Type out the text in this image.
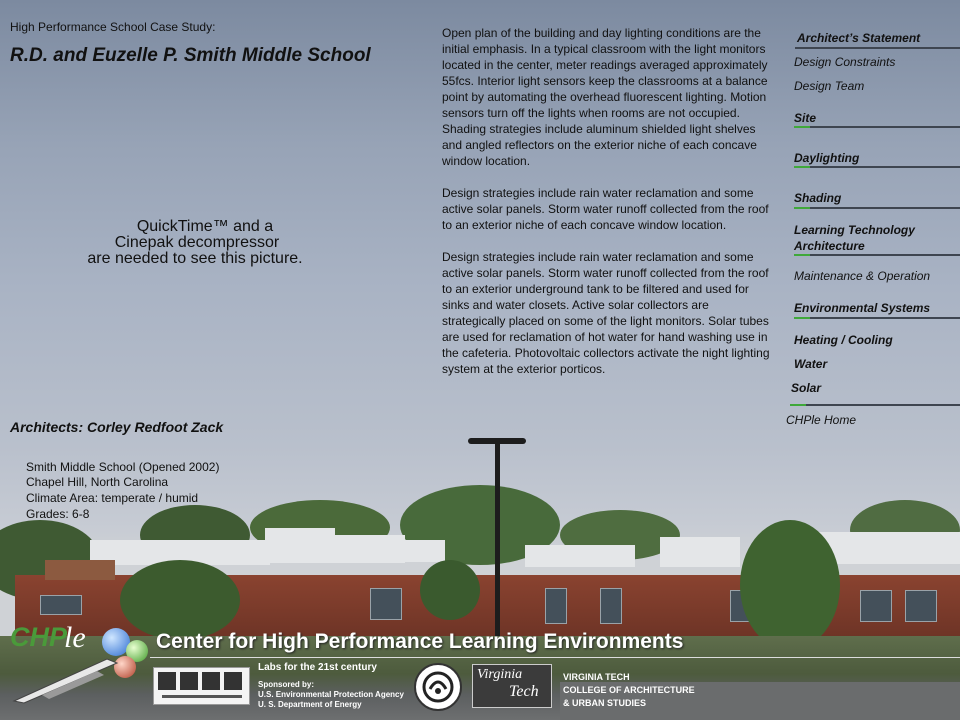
High Performance School Case Study:
R.D. and Euzelle P. Smith Middle School
QuickTime™ and a
Cinepak decompressor
are needed to see this picture.
Architects: Corley Redfoot Zack
Smith Middle School (Opened 2002)
Chapel Hill, North Carolina
Climate Area: temperate / humid
Grades: 6-8

Open plan of the building and day lighting conditions are the initial emphasis. In a typical classroom with the light monitors located in the center, meter readings averaged approximately 55fcs. Interior light sensors keep the classrooms at a balance point by automating the overhead fluorescent lighting. Motion sensors turn off the lights when rooms are not occupied. Shading strategies include aluminum shielded light shelves and angled reflectors on the exterior niche of each concave window location.

Design strategies include rain water reclamation and some active solar panels. Storm water runoff collected from the roof to an exterior niche of each concave window location.

Design strategies include rain water reclamation and some active solar panels. Storm water runoff collected from the roof to an exterior underground tank to be filtered and used for sinks and water closets. Active solar collectors are strategically placed on some of the light monitors. Solar tubes are used for reclamation of hot water for hand washing use in the cafeteria. Photovoltaic collectors activate the night lighting system at the exterior porticos.

Architect’s Statement
Design Constraints
Design Team
Site
Daylighting
Shading
Learning Technology
Architecture
Maintenance & Operation
Environmental Systems
Heating / Cooling
Water
Solar
CHPle Home
CHP
le	Center for High Performance Learning Environments
Labs for the 21st century
Sponsored by:
U.S. Environmental Protection Agency
U. S. Department of Energy
Virginia
Tech
VIRGINIA TECH
COLLEGE OF ARCHITECTURE
& URBAN STUDIES
